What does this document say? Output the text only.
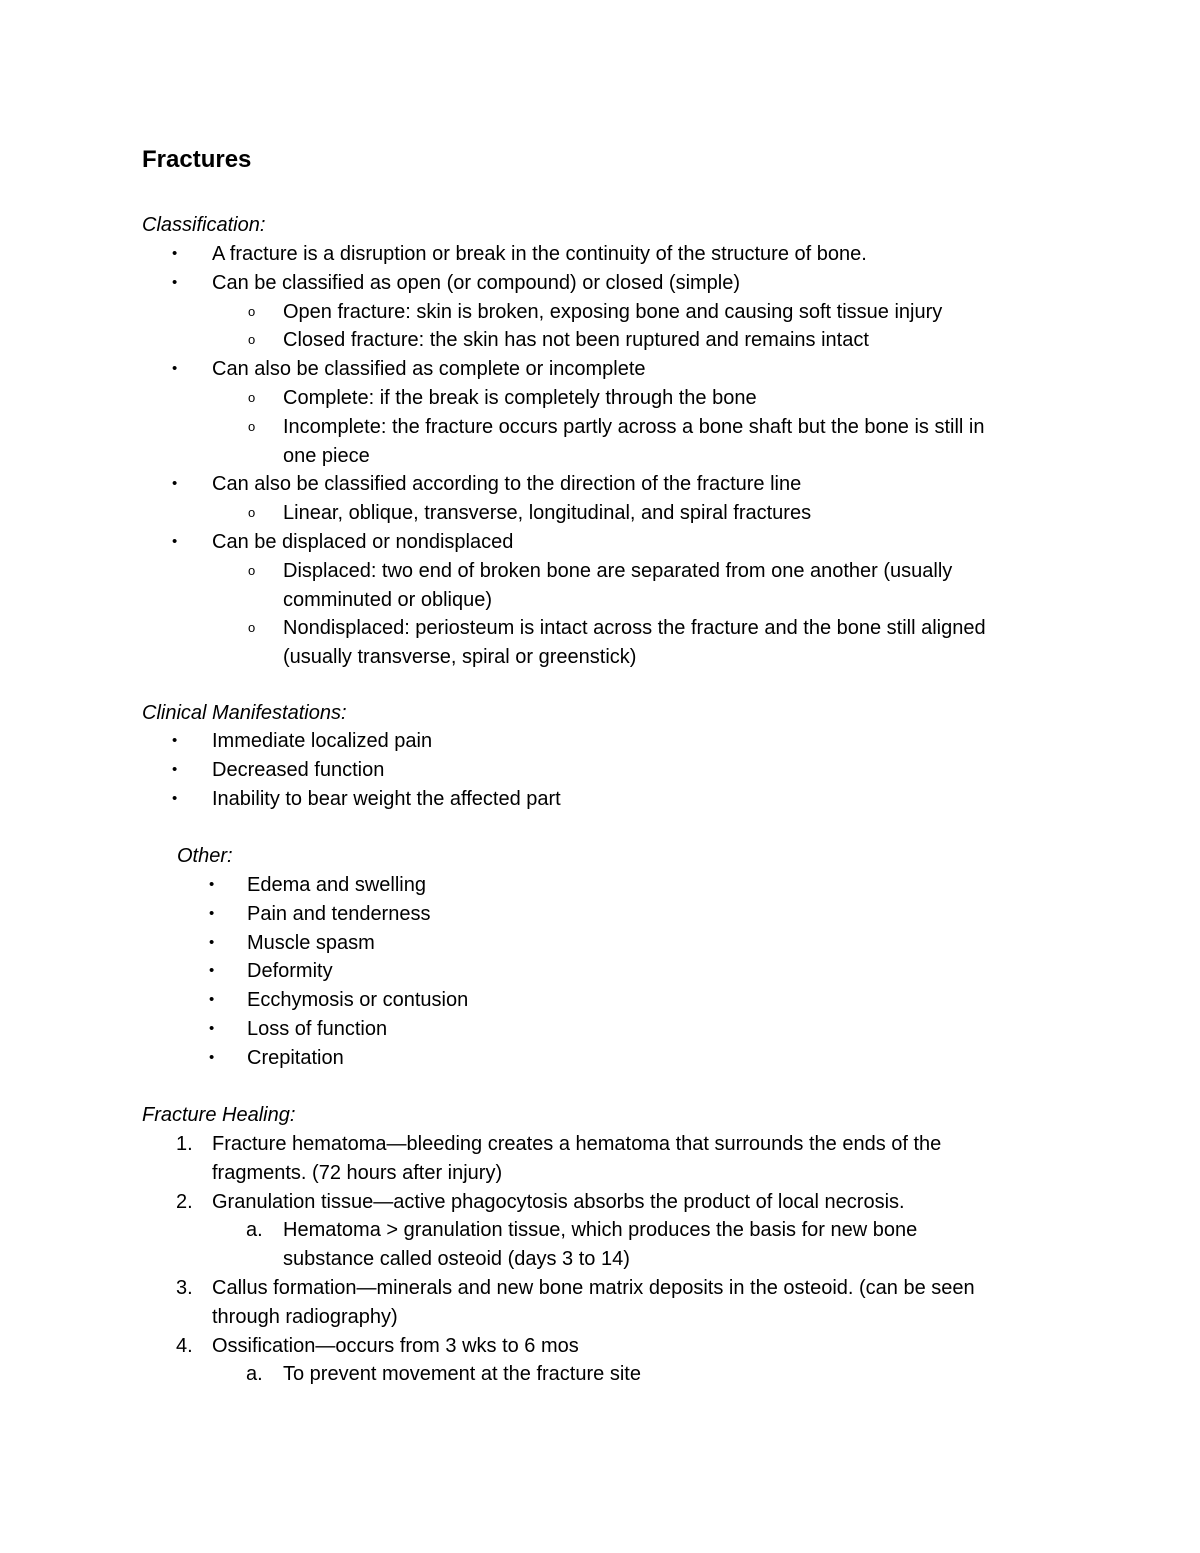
Fractures
Classification:
• A fracture is a disruption or break in the continuity of the structure of bone.
• Can be classified as open (or compound) or closed (simple)
o Open fracture: skin is broken, exposing bone and causing soft tissue injury
o Closed fracture: the skin has not been ruptured and remains intact
• Can also be classified as complete or incomplete
o Complete: if the break is completely through the bone
o Incomplete: the fracture occurs partly across a bone shaft but the bone is still in
one piece
• Can also be classified according to the direction of the fracture line
o Linear, oblique, transverse, longitudinal, and spiral fractures
• Can be displaced or nondisplaced
o Displaced: two end of broken bone are separated from one another (usually
comminuted or oblique)
o Nondisplaced: periosteum is intact across the fracture and the bone still aligned
(usually transverse, spiral or greenstick)
Clinical Manifestations:
• Immediate localized pain
• Decreased function
• Inability to bear weight the affected part
Other:
• Edema and swelling
• Pain and tenderness
• Muscle spasm
• Deformity
• Ecchymosis or contusion
• Loss of function
• Crepitation
Fracture Healing:
1. Fracture hematoma—bleeding creates a hematoma that surrounds the ends of the
fragments. (72 hours after injury)
2. Granulation tissue—active phagocytosis absorbs the product of local necrosis.
a. Hematoma > granulation tissue, which produces the basis for new bone
substance called osteoid (days 3 to 14)
3. Callus formation—minerals and new bone matrix deposits in the osteoid. (can be seen
through radiography)
4. Ossification—occurs from 3 wks to 6 mos
a. To prevent movement at the fracture site
